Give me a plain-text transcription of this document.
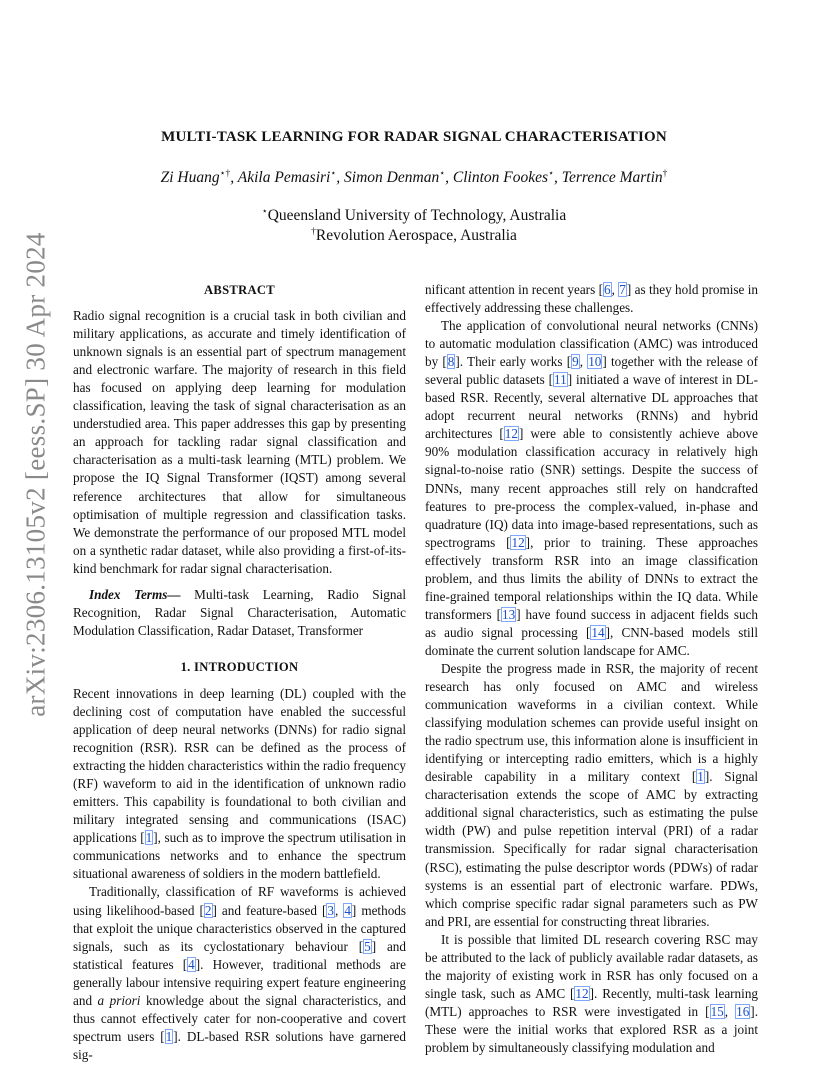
arXiv:2306.13105v2 [eess.SP] 30 Apr 2024
MULTI-TASK LEARNING FOR RADAR SIGNAL CHARACTERISATION
Zi Huang⋆†, Akila Pemasiri⋆, Simon Denman⋆, Clinton Fookes⋆, Terrence Martin†
⋆Queensland University of Technology, Australia
†Revolution Aerospace, Australia
ABSTRACT

Radio signal recognition is a crucial task in both civilian and military applications, as accurate and timely identification of unknown signals is an essential part of spectrum management and electronic warfare. The majority of research in this field has focused on applying deep learning for modulation classification, leaving the task of signal characterisation as an understudied area. This paper addresses this gap by presenting an approach for tackling radar signal classification and characterisation as a multi-task learning (MTL) problem. We propose the IQ Signal Transformer (IQST) among several reference architectures that allow for simultaneous optimisation of multiple regression and classification tasks. We demonstrate the performance of our proposed MTL model on a synthetic radar dataset, while also providing a first-of-its-kind benchmark for radar signal characterisation.

Index Terms— Multi-task Learning, Radio Signal Recognition, Radar Signal Characterisation, Automatic Modulation Classification, Radar Dataset, Transformer

1. INTRODUCTION

Recent innovations in deep learning (DL) coupled with the declining cost of computation have enabled the successful application of deep neural networks (DNNs) for radio signal recognition (RSR). RSR can be defined as the process of extracting the hidden characteristics within the radio frequency (RF) waveform to aid in the identification of unknown radio emitters. This capability is foundational to both civilian and military integrated sensing and communications (ISAC) applications [1], such as to improve the spectrum utilisation in communications networks and to enhance the spectrum situational awareness of soldiers in the modern battlefield.

Traditionally, classification of RF waveforms is achieved using likelihood-based [2] and feature-based [3, 4] methods that exploit the unique characteristics observed in the captured signals, such as its cyclostationary behaviour [5] and statistical features [4]. However, traditional methods are generally labour intensive requiring expert feature engineering and a priori knowledge about the signal characteristics, and thus cannot effectively cater for non-cooperative and covert spectrum users [1]. DL-based RSR solutions have garnered sig-

nificant attention in recent years [6, 7] as they hold promise in effectively addressing these challenges.

The application of convolutional neural networks (CNNs) to automatic modulation classification (AMC) was introduced by [8]. Their early works [9, 10] together with the release of several public datasets [11] initiated a wave of interest in DL-based RSR. Recently, several alternative DL approaches that adopt recurrent neural networks (RNNs) and hybrid architectures [12] were able to consistently achieve above 90% modulation classification accuracy in relatively high signal-to-noise ratio (SNR) settings. Despite the success of DNNs, many recent approaches still rely on handcrafted features to pre-process the complex-valued, in-phase and quadrature (IQ) data into image-based representations, such as spectrograms [12], prior to training. These approaches effectively transform RSR into an image classification problem, and thus limits the ability of DNNs to extract the fine-grained temporal relationships within the IQ data. While transformers [13] have found success in adjacent fields such as audio signal processing [14], CNN-based models still dominate the current solution landscape for AMC.

Despite the progress made in RSR, the majority of recent research has only focused on AMC and wireless communication waveforms in a civilian context. While classifying modulation schemes can provide useful insight on the radio spectrum use, this information alone is insufficient in identifying or intercepting radio emitters, which is a highly desirable capability in a military context [1]. Signal characterisation extends the scope of AMC by extracting additional signal characteristics, such as estimating the pulse width (PW) and pulse repetition interval (PRI) of a radar transmission. Specifically for radar signal characterisation (RSC), estimating the pulse descriptor words (PDWs) of radar systems is an essential part of electronic warfare. PDWs, which comprise specific radar signal parameters such as PW and PRI, are essential for constructing threat libraries.

It is possible that limited DL research covering RSC may be attributed to the lack of publicly available radar datasets, as the majority of existing work in RSR has only focused on a single task, such as AMC [12]. Recently, multi-task learning (MTL) approaches to RSR were investigated in [15, 16]. These were the initial works that explored RSR as a joint problem by simultaneously classifying modulation and
